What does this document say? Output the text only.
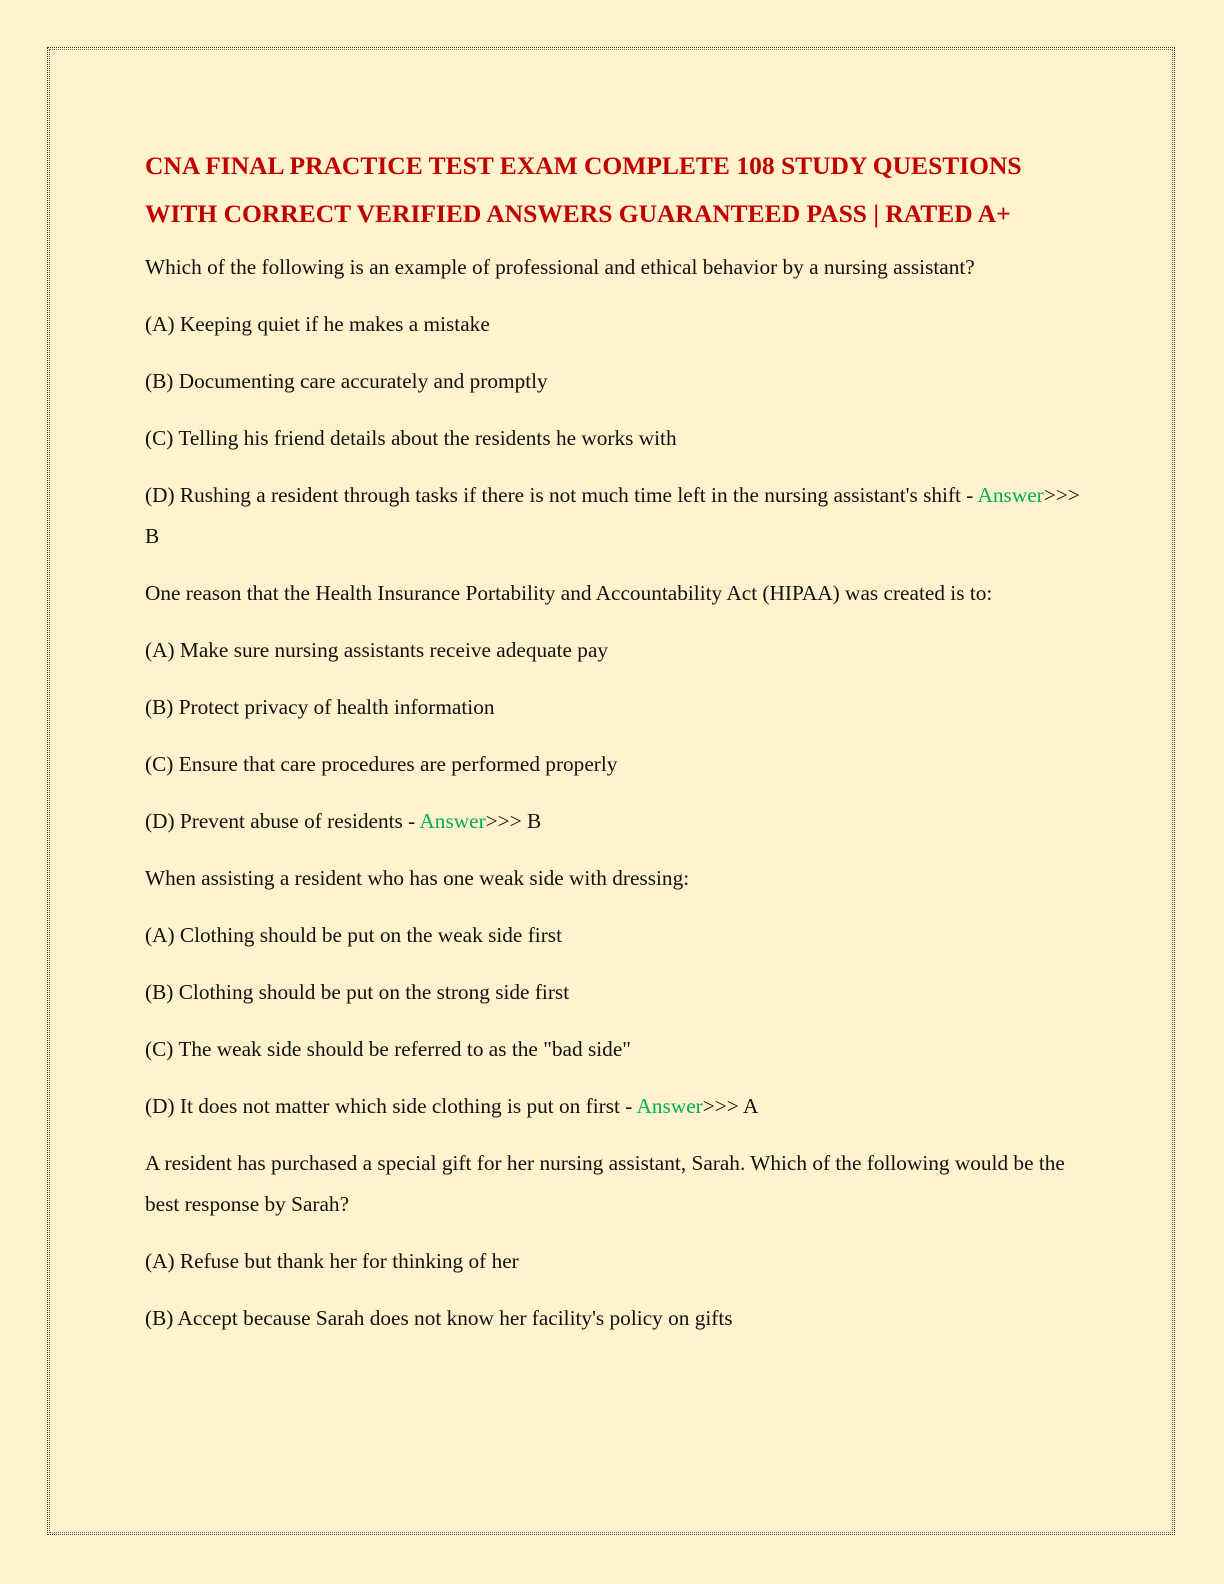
CNA FINAL PRACTICE TEST EXAM COMPLETE 108 STUDY QUESTIONS WITH CORRECT VERIFIED ANSWERS GUARANTEED PASS | RATED A+

Which of the following is an example of professional and ethical behavior by a nursing assistant?

(A) Keeping quiet if he makes a mistake

(B) Documenting care accurately and promptly

(C) Telling his friend details about the residents he works with

(D) Rushing a resident through tasks if there is not much time left in the nursing assistant's shift - Answer>>> B

One reason that the Health Insurance Portability and Accountability Act (HIPAA) was created is to:

(A) Make sure nursing assistants receive adequate pay

(B) Protect privacy of health information

(C) Ensure that care procedures are performed properly

(D) Prevent abuse of residents - Answer>>> B

When assisting a resident who has one weak side with dressing:

(A) Clothing should be put on the weak side first

(B) Clothing should be put on the strong side first

(C) The weak side should be referred to as the "bad side"

(D) It does not matter which side clothing is put on first - Answer>>> A

A resident has purchased a special gift for her nursing assistant, Sarah. Which of the following would be the best response by Sarah?

(A) Refuse but thank her for thinking of her

(B) Accept because Sarah does not know her facility's policy on gifts
